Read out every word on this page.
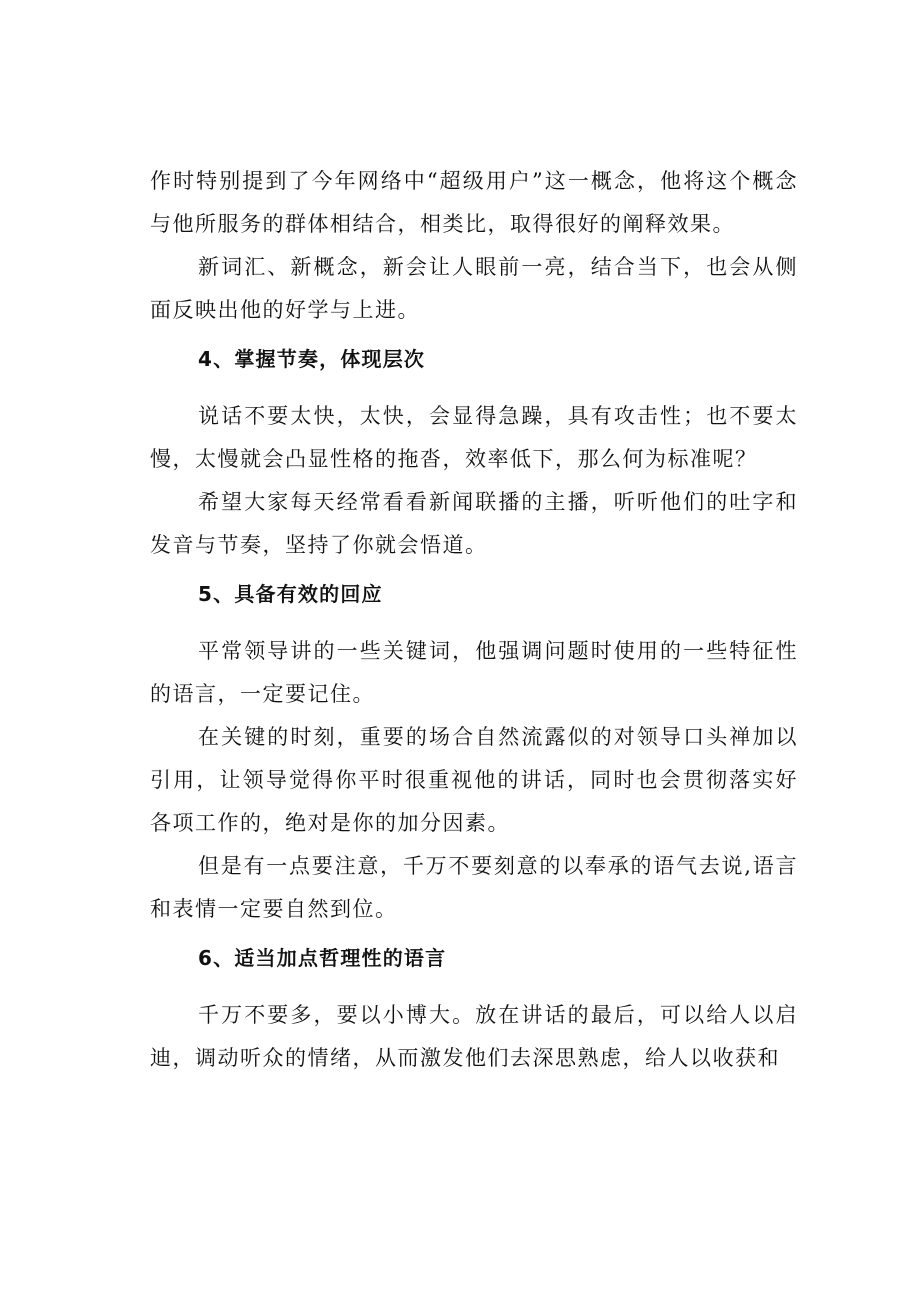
作时特别提到了今年网络中“超级用户”这一概念，他将这个概念与他所服务的群体相结合，相类比，取得很好的阐释效果。

新词汇、新概念，新会让人眼前一亮，结合当下，也会从侧面反映出他的好学与上进。

4、掌握节奏，体现层次

说话不要太快，太快，会显得急躁，具有攻击性；也不要太慢，太慢就会凸显性格的拖沓，效率低下，那么何为标准呢？

希望大家每天经常看看新闻联播的主播，听听他们的吐字和发音与节奏，坚持了你就会悟道。

5、具备有效的回应

平常领导讲的一些关键词，他强调问题时使用的一些特征性的语言，一定要记住。

在关键的时刻，重要的场合自然流露似的对领导口头禅加以引用，让领导觉得你平时很重视他的讲话，同时也会贯彻落实好各项工作的，绝对是你的加分因素。

但是有一点要注意，千万不要刻意的以奉承的语气去说,语言和表情一定要自然到位。

6、适当加点哲理性的语言

千万不要多，要以小博大。放在讲话的最后，可以给人以启迪，调动听众的情绪，从而激发他们去深思熟虑，给人以收获和
